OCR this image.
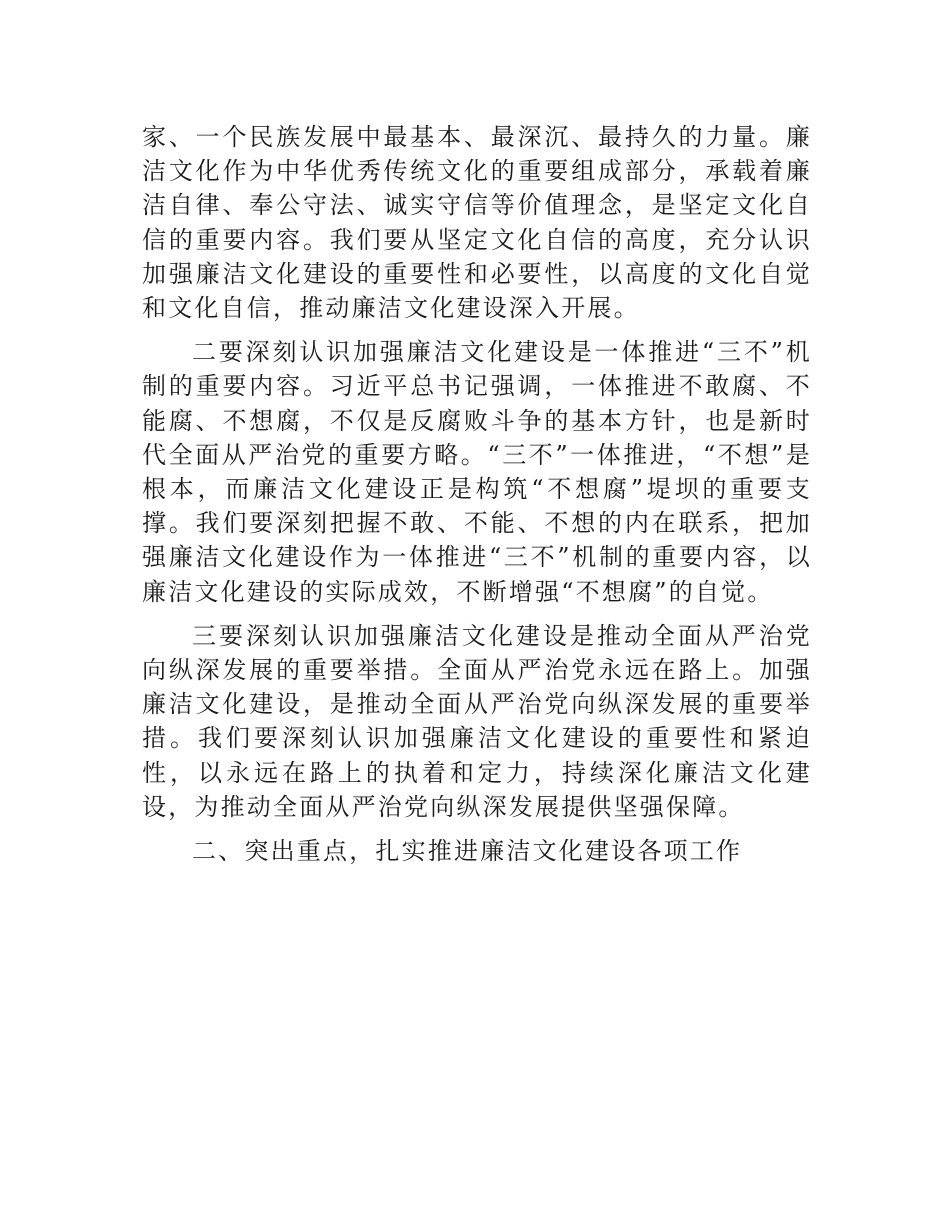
家、一个民族发展中最基本、最深沉、最持久的力量。廉洁文化作为中华优秀传统文化的重要组成部分，承载着廉洁自律、奉公守法、诚实守信等价值理念，是坚定文化自信的重要内容。我们要从坚定文化自信的高度，充分认识加强廉洁文化建设的重要性和必要性，以高度的文化自觉和文化自信，推动廉洁文化建设深入开展。

二要深刻认识加强廉洁文化建设是一体推进“三不”机制的重要内容。习近平总书记强调，一体推进不敢腐、不能腐、不想腐，不仅是反腐败斗争的基本方针，也是新时代全面从严治党的重要方略。“三不”一体推进，“不想”是根本，而廉洁文化建设正是构筑“不想腐”堤坝的重要支撑。我们要深刻把握不敢、不能、不想的内在联系，把加强廉洁文化建设作为一体推进“三不”机制的重要内容，以廉洁文化建设的实际成效，不断增强“不想腐”的自觉。

三要深刻认识加强廉洁文化建设是推动全面从严治党向纵深发展的重要举措。全面从严治党永远在路上。加强廉洁文化建设，是推动全面从严治党向纵深发展的重要举措。我们要深刻认识加强廉洁文化建设的重要性和紧迫性，以永远在路上的执着和定力，持续深化廉洁文化建设，为推动全面从严治党向纵深发展提供坚强保障。

二、突出重点，扎实推进廉洁文化建设各项工作
